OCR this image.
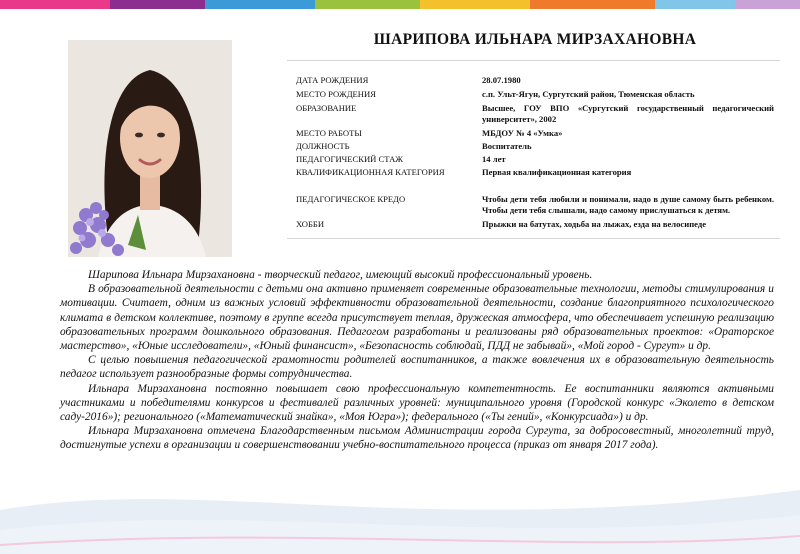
ШАРИПОВА ИЛЬНАРА МИРЗАХАНОВНА
ДАТА РОЖДЕНИЯ	28.07.1980
МЕСТО РОЖДЕНИЯ	с.п. Ульт-Ягун, Сургутский район, Тюменская область
ОБРАЗОВАНИЕ	Высшее, ГОУ ВПО «Сургутский государственный педагогический университет», 2002
МЕСТО РАБОТЫ	МБДОУ № 4 «Умка»
ДОЛЖНОСТЬ	Воспитатель
ПЕДАГОГИЧЕСКИЙ СТАЖ	14 лет
КВАЛИФИКАЦИОННАЯ КАТЕГОРИЯ	Первая квалификационная категория
ПЕДАГОГИЧЕСКОЕ КРЕДО	Чтобы дети тебя любили и понимали, надо в душе самому быть ребенком. Чтобы дети тебя слышали, надо самому прислушаться к детям.
ХОББИ	Прыжки на батутах, ходьба на лыжах, езда на велосипеде

Шарипова Ильнара Мирзахановна - творческий педагог, имеющий высокий профессиональный уровень.

В образовательной деятельности с детьми она активно применяет современные образовательные технологии, методы стимулирования и мотивации. Считает, одним из важных условий эффективности образовательной деятельности, создание благоприятного психологического климата в детском коллективе, поэтому в группе всегда присутствует теплая, дружеская атмосфера, что обеспечивает успешную реализацию образовательных программ дошкольного образования. Педагогом разработаны и реализованы ряд образовательных проектов: «Ораторское мастерство», «Юные исследователи», «Юный финансист», «Безопасность соблюдай, ПДД не забывай», «Мой город - Сургут» и др.

С целью повышения педагогической грамотности родителей воспитанников, а также вовлечения их в образовательную деятельность педагог использует разнообразные формы сотрудничества.

Ильнара Мирзахановна постоянно повышает свою профессиональную компетентность. Ее воспитанники являются активными участниками и победителями конкурсов и фестивалей различных уровней: муниципального уровня (Городской конкурс «Эколето в детском саду-2016»); регионального («Математический знайка», «Моя Югра»); федерального («Ты гений», «Конкурсиада») и др.

Ильнара Мирзахановна отмечена Благодарственным письмом Администрации города Сургута, за добросовестный, многолетний труд, достигнутые успехи в организации и совершенствовании учебно-воспитательного процесса (приказ от января 2017 года).
